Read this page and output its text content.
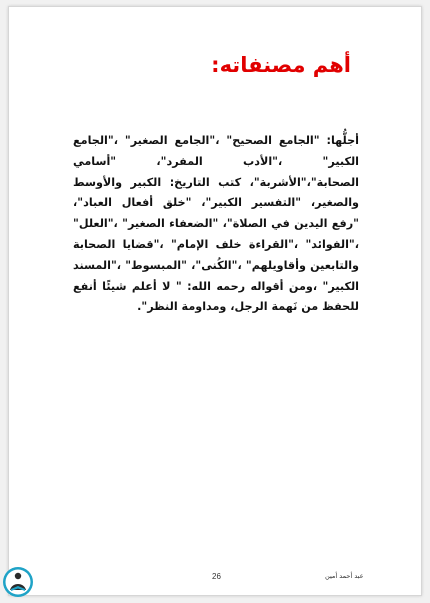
أهم مصنفاته:
أجلُّها: "الجامع الصحيح" ،"الجامع الصغير" ،"الجامع الكبير" ،"الأدب المفرد"، "أسامي الصحابة"،"الأشربة"، كتب التاريخ: الكبير والأوسط والصغير، "التفسير الكبير"، "خلق أفعال العباد"، "رفع اليدين في الصلاة"، "الضعفاء الصغير" ،"العلل" ،"الفوائد" ،"القراءة خلف الإمام" ،"قضايا الصحابة والتابعين وأقاويلهم" ،"الكُنى"، "المبسوط" ،"المسند الكبير" ،ومن أقواله رحمه الله: " لا أعلم شيئًا أنفع للحفظ من نَهمة الرجل، ومداومة النظر".
26	عبد أحمد أمين
